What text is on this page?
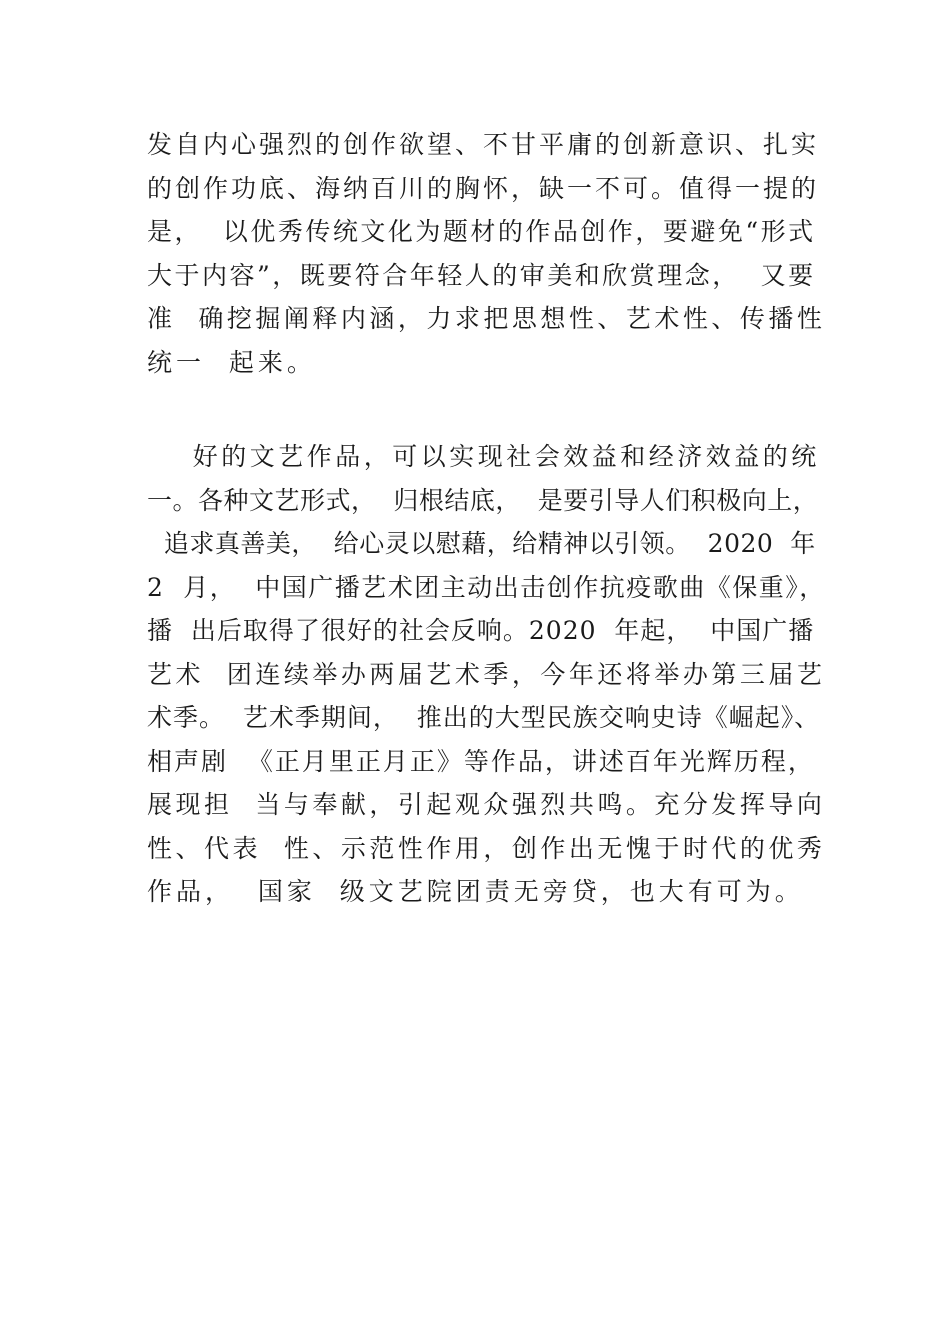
发自内心强烈的创作欲望、不甘平庸的创新意识、扎实
的创作功底、海纳百川的胸怀，缺一不可。值得一提的
是，  以优秀传统文化为题材的作品创作，要避免“形式
大于内容”，既要符合年轻人的审美和欣赏理念，  又要
准  确挖掘阐释内涵，力求把思想性、艺术性、传播性
统一  起来。
好的文艺作品，可以实现社会效益和经济效益的统
一。各种文艺形式，  归根结底，  是要引导人们积极向上，
追求真善美，  给心灵以慰藉，给精神以引领。  2020  年
2  月，  中国广播艺术团主动出击创作抗疫歌曲《保重》，
播  出后取得了很好的社会反响。2020  年起，  中国广播
艺术  团连续举办两届艺术季，今年还将举办第三届艺
术季。  艺术季期间，  推出的大型民族交响史诗《崛起》、
相声剧  《正月里正月正》等作品，讲述百年光辉历程，
展现担  当与奉献，引起观众强烈共鸣。充分发挥导向
性、代表  性、示范性作用，创作出无愧于时代的优秀
作品，  国家  级文艺院团责无旁贷，也大有可为。
